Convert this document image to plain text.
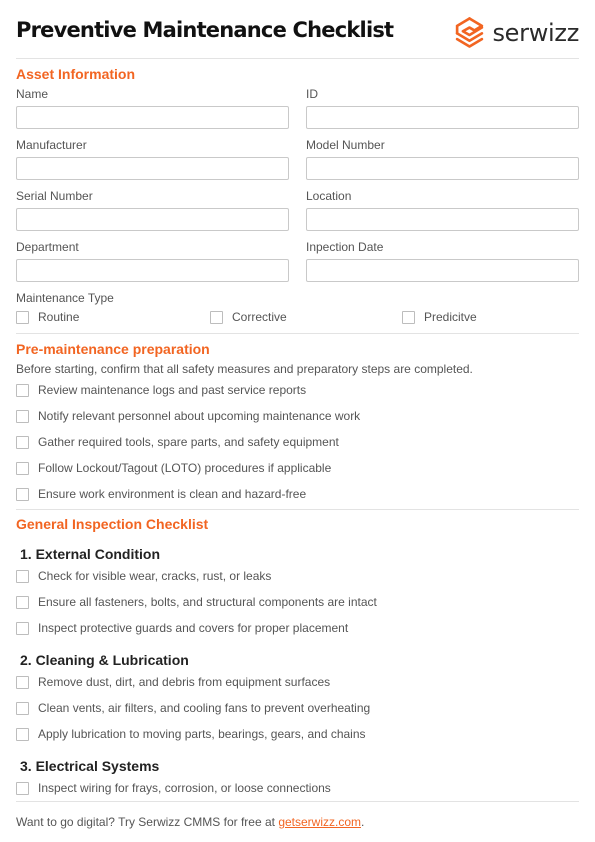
Preventive Maintenance Checklist	serwizz
Asset Information
Name	ID
Manufacturer	Model Number
Serial Number	Location
Department	Inpection Date
Maintenance Type
Routine	Corrective	Predicitve
Pre-maintenance preparation
Before starting, confirm that all safety measures and preparatory steps are completed.
Review maintenance logs and past service reports
Notify relevant personnel about upcoming maintenance work
Gather required tools, spare parts, and safety equipment
Follow Lockout/Tagout (LOTO) procedures if applicable
Ensure work environment is clean and hazard-free
General Inspection Checklist
1. External Condition
Check for visible wear, cracks, rust, or leaks
Ensure all fasteners, bolts, and structural components are intact
Inspect protective guards and covers for proper placement
2. Cleaning & Lubrication
Remove dust, dirt, and debris from equipment surfaces
Clean vents, air filters, and cooling fans to prevent overheating
Apply lubrication to moving parts, bearings, gears, and chains
3. Electrical Systems
Inspect wiring for frays, corrosion, or loose connections
Want to go digital? Try Serwizz CMMS for free at getserwizz.com.
